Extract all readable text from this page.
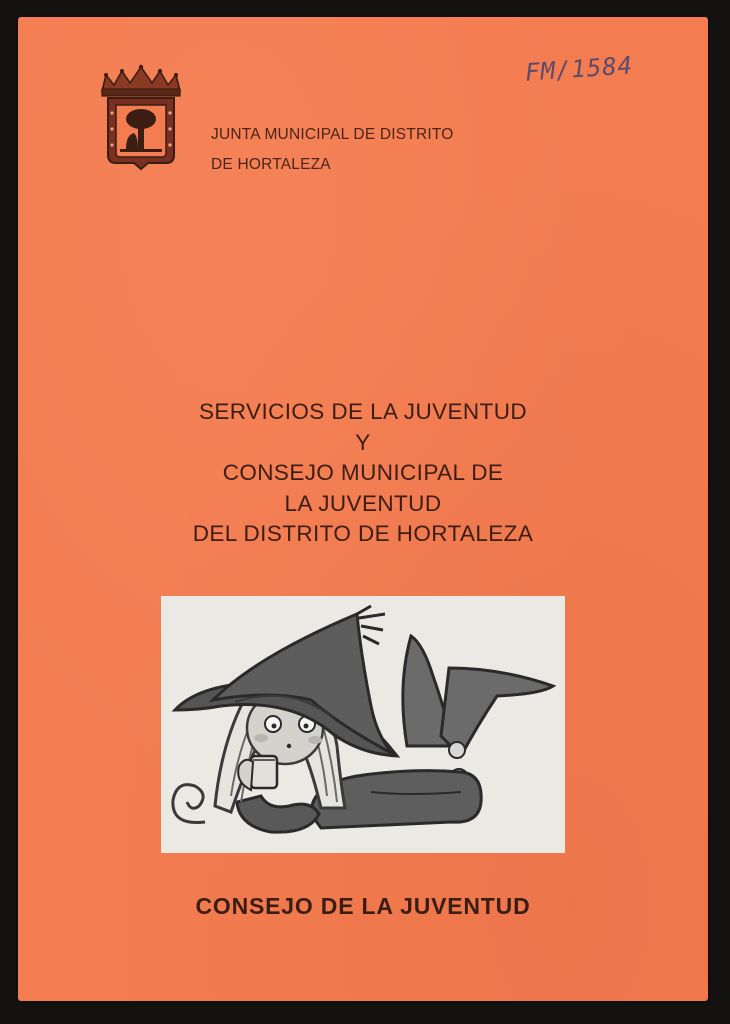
FM/1584
JUNTA MUNICIPAL DE DISTRITO
DE HORTALEZA
SERVICIOS DE LA JUVENTUD
Y
CONSEJO MUNICIPAL DE
LA JUVENTUD
DEL DISTRITO DE HORTALEZA
CONSEJO DE LA JUVENTUD
